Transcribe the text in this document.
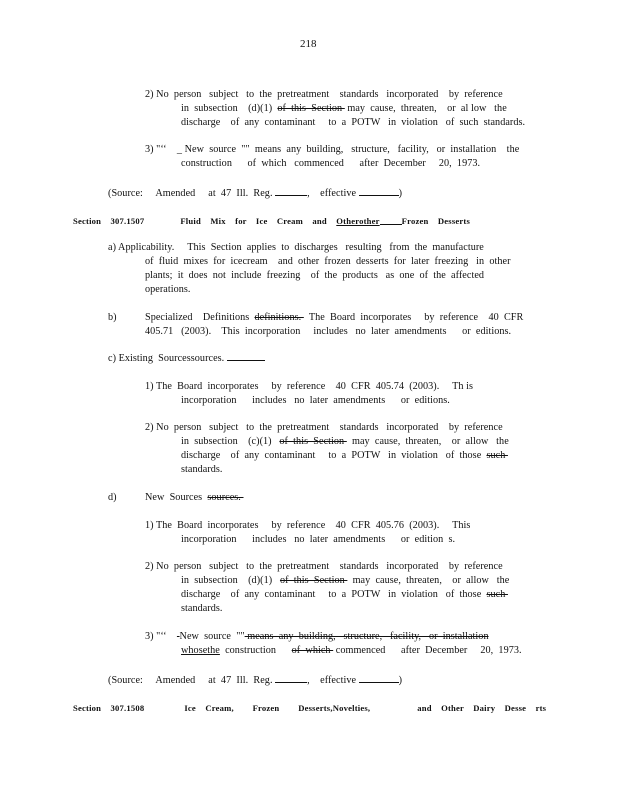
218
2) No  person   subject   to  the  pretreatment    standards   incorporated    by  reference
in  subsection    (d)(1)  of  this  Section  may  cause,  threaten,    or  al low   the
discharge    of  any  contaminant     to  a  POTW   in  violation   of  such  standards.
3) "‘‘    _ New  source  ""  means  any  building,   structure,   facility,   or  installation    the
construction      of  which   commenced      after  December     20,  1973.
(Source:     Amended     at  47  Ill.  Reg.	,    effective	)
Section    307.1507	Fluid    Mix    for    Ice    Cream    and    Otherother	Frozen    Desserts
a) Applicability.     This  Section  applies  to  discharges   resulting   from  the  manufacture
of  fluid  mixes  for  icecream    and  other  frozen  desserts  for  later  freezing   in  other
plants;  it  does  not  include  freezing    of  the  products   as  one  of  the  affected
operations.
b)	Specialized    Definitions  definitions.   The  Board  incorporates     by  reference    40  CFR
405.71   (2003).    This  incorporation     includes   no  later  amendments      or  editions.
c) Existing  Sourcessources.
1) The  Board  incorporates     by  reference    40  CFR  405.74  (2003).     Th is
incorporation      includes   no  later  amendments      or  editions.
2) No  person   subject   to  the  pretreatment    standards   incorporated    by  reference
in  subsection    (c)(1)   of  this  Section   may  cause,  threaten,    or  allow   the
discharge    of  any  contaminant     to  a  POTW   in  violation   of  those  such
standards.
d)	New  Sources  sources.
1) The  Board  incorporates     by  reference    40  CFR  405.76  (2003).     This
incorporation      includes   no  later  amendments      or  edition  s.
2) No  person   subject   to  the  pretreatment    standards   incorporated    by  reference
in  subsection    (d)(1)   of  this  Section   may  cause,  threaten,    or  allow   the
discharge    of  any  contaminant     to  a  POTW   in  violation   of  those  such
standards.
3) "‘‘     New  source  "" means  any  building,   structure,   facility,   or  installation
whosethe  construction      of  which  commenced      after  December     20,  1973.
(Source:     Amended     at  47  Ill.  Reg.	,    effective	)
Section    307.1508	Ice    Cream,        Frozen        Desserts,Novelties,                    and    Other    Dairy    Desse    rts
